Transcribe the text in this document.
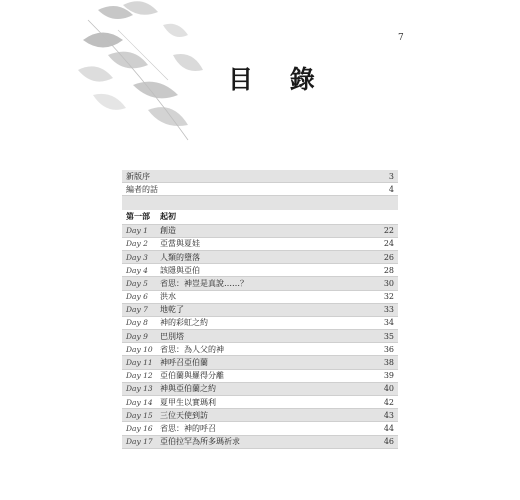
7
目 錄
新版序	3
編者的話	4
第一部 起初
Day 1	創造	22
Day 2	亞當與夏娃	24
Day 3	人類的墮落	26
Day 4	該隱與亞伯	28
Day 5	省思：神豈是真說……？	30
Day 6	洪水	32
Day 7	地乾了	33
Day 8	神的彩虹之約	34
Day 9	巴別塔	35
Day 10 省思：為人父的神	36
Day 11 神呼召亞伯蘭	38
Day 12 亞伯蘭與羅得分離	39
Day 13 神與亞伯蘭之約	40
Day 14 夏甲生以實瑪利	42
Day 15 三位天使到訪	43
Day 16 省思：神的呼召	44
Day 17 亞伯拉罕為所多瑪祈求	46
